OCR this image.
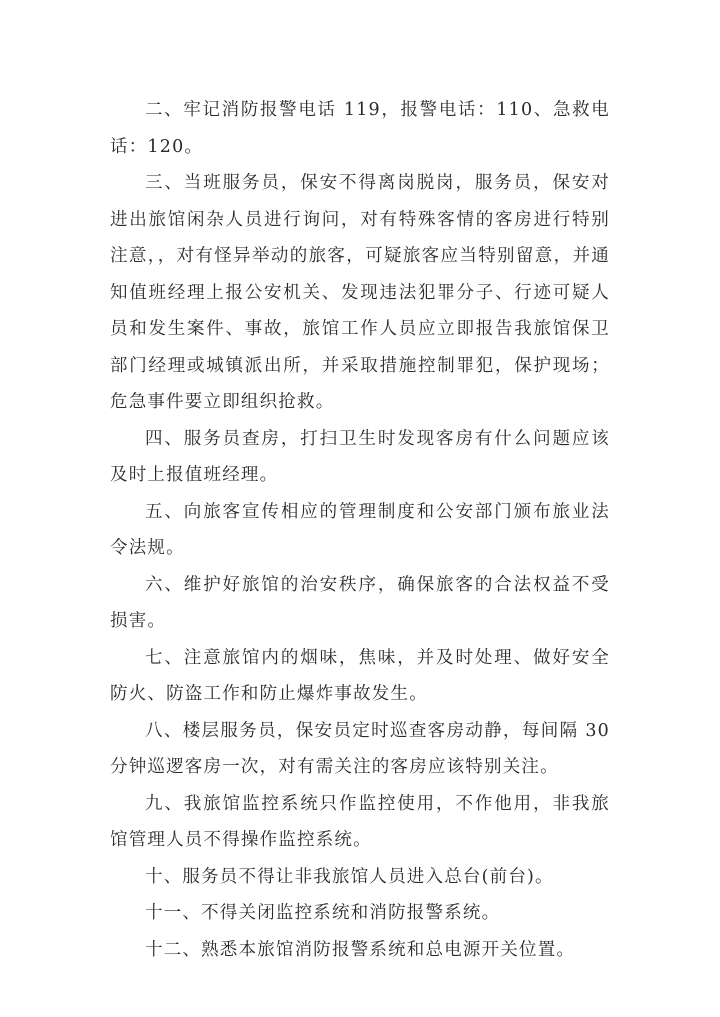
二、牢记消防报警电话 119，报警电话：110、急救电话：120。

三、当班服务员，保安不得离岗脱岗，服务员，保安对进出旅馆闲杂人员进行询问，对有特殊客情的客房进行特别注意，，对有怪异举动的旅客，可疑旅客应当特别留意，并通知值班经理上报公安机关、发现违法犯罪分子、行迹可疑人员和发生案件、事故，旅馆工作人员应立即报告我旅馆保卫部门经理或城镇派出所，并采取措施控制罪犯，保护现场；危急事件要立即组织抢救。

四、服务员查房，打扫卫生时发现客房有什么问题应该及时上报值班经理。

五、向旅客宣传相应的管理制度和公安部门颁布旅业法令法规。

六、维护好旅馆的治安秩序，确保旅客的合法权益不受损害。

七、注意旅馆内的烟味，焦味，并及时处理、做好安全防火、防盗工作和防止爆炸事故发生。

八、楼层服务员，保安员定时巡查客房动静，每间隔 30 分钟巡逻客房一次，对有需关注的客房应该特别关注。

九、我旅馆监控系统只作监控使用，不作他用，非我旅馆管理人员不得操作监控系统。

十、服务员不得让非我旅馆人员进入总台(前台)。

十一、不得关闭监控系统和消防报警系统。

十二、熟悉本旅馆消防报警系统和总电源开关位置。
